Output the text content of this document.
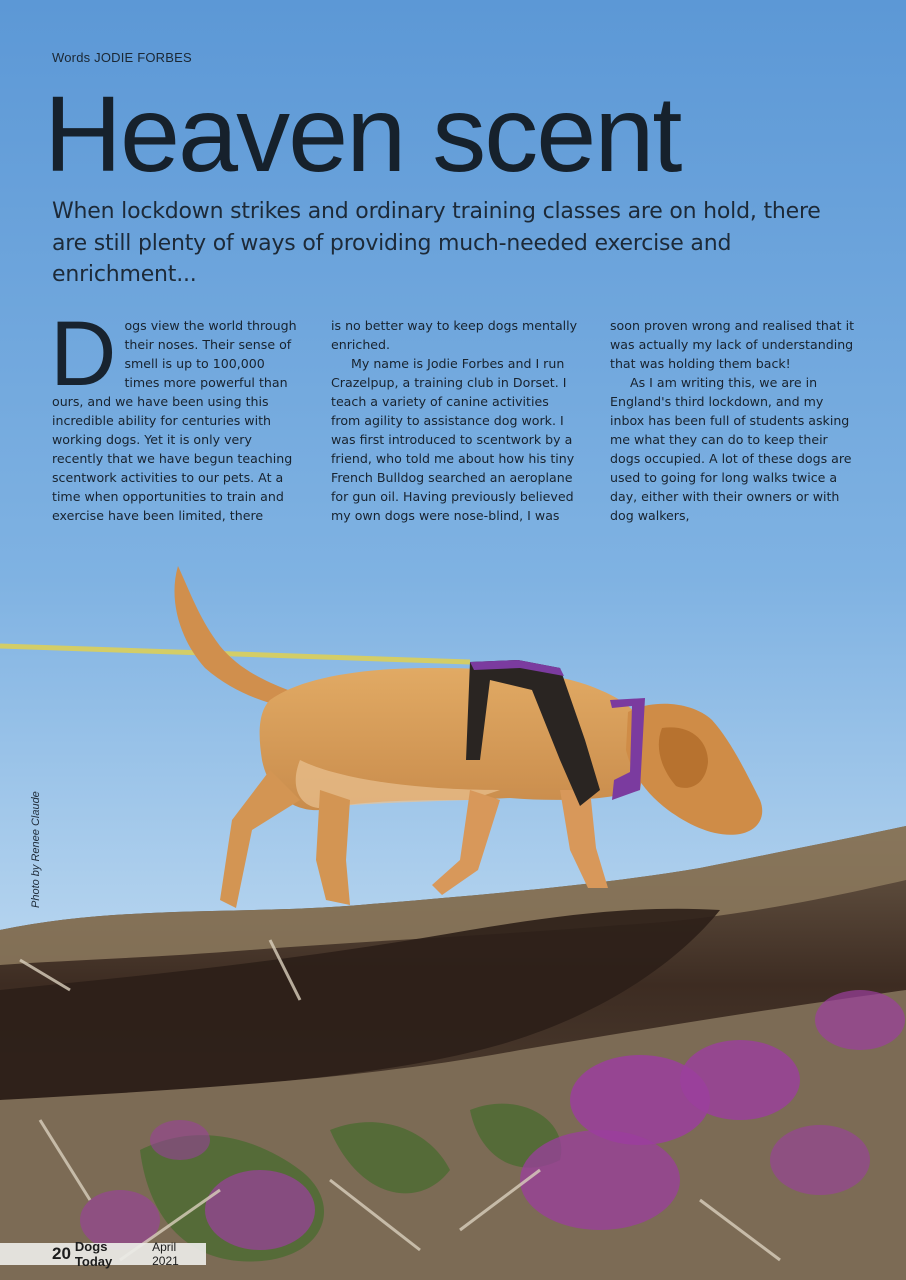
Words JODIE FORBES

Heaven scent
When lockdown strikes and ordinary training classes are on hold, there are still plenty of ways of providing much-needed exercise and enrichment...

Dogs view the world through their noses. Their sense of smell is up to 100,000 times more powerful than ours, and we have been using this incredible ability for centuries with working dogs. Yet it is only very recently that we have begun teaching scentwork activities to our pets. At a time when opportunities to train and exercise have been limited, there

is no better way to keep dogs mentally enriched.

My name is Jodie Forbes and I run Crazelpup, a training club in Dorset. I teach a variety of canine activities from agility to assistance dog work. I was first introduced to scentwork by a friend, who told me about how his tiny French Bulldog searched an aeroplane for gun oil. Having previously believed my own dogs were nose-blind, I was

soon proven wrong and realised that it was actually my lack of understanding that was holding them back!

As I am writing this, we are in England's third lockdown, and my inbox has been full of students asking me what they can do to keep their dogs occupied. A lot of these dogs are used to going for long walks twice a day, either with their owners or with dog walkers,

Photo by Renee Claude
20 Dogs Today
April 2021
